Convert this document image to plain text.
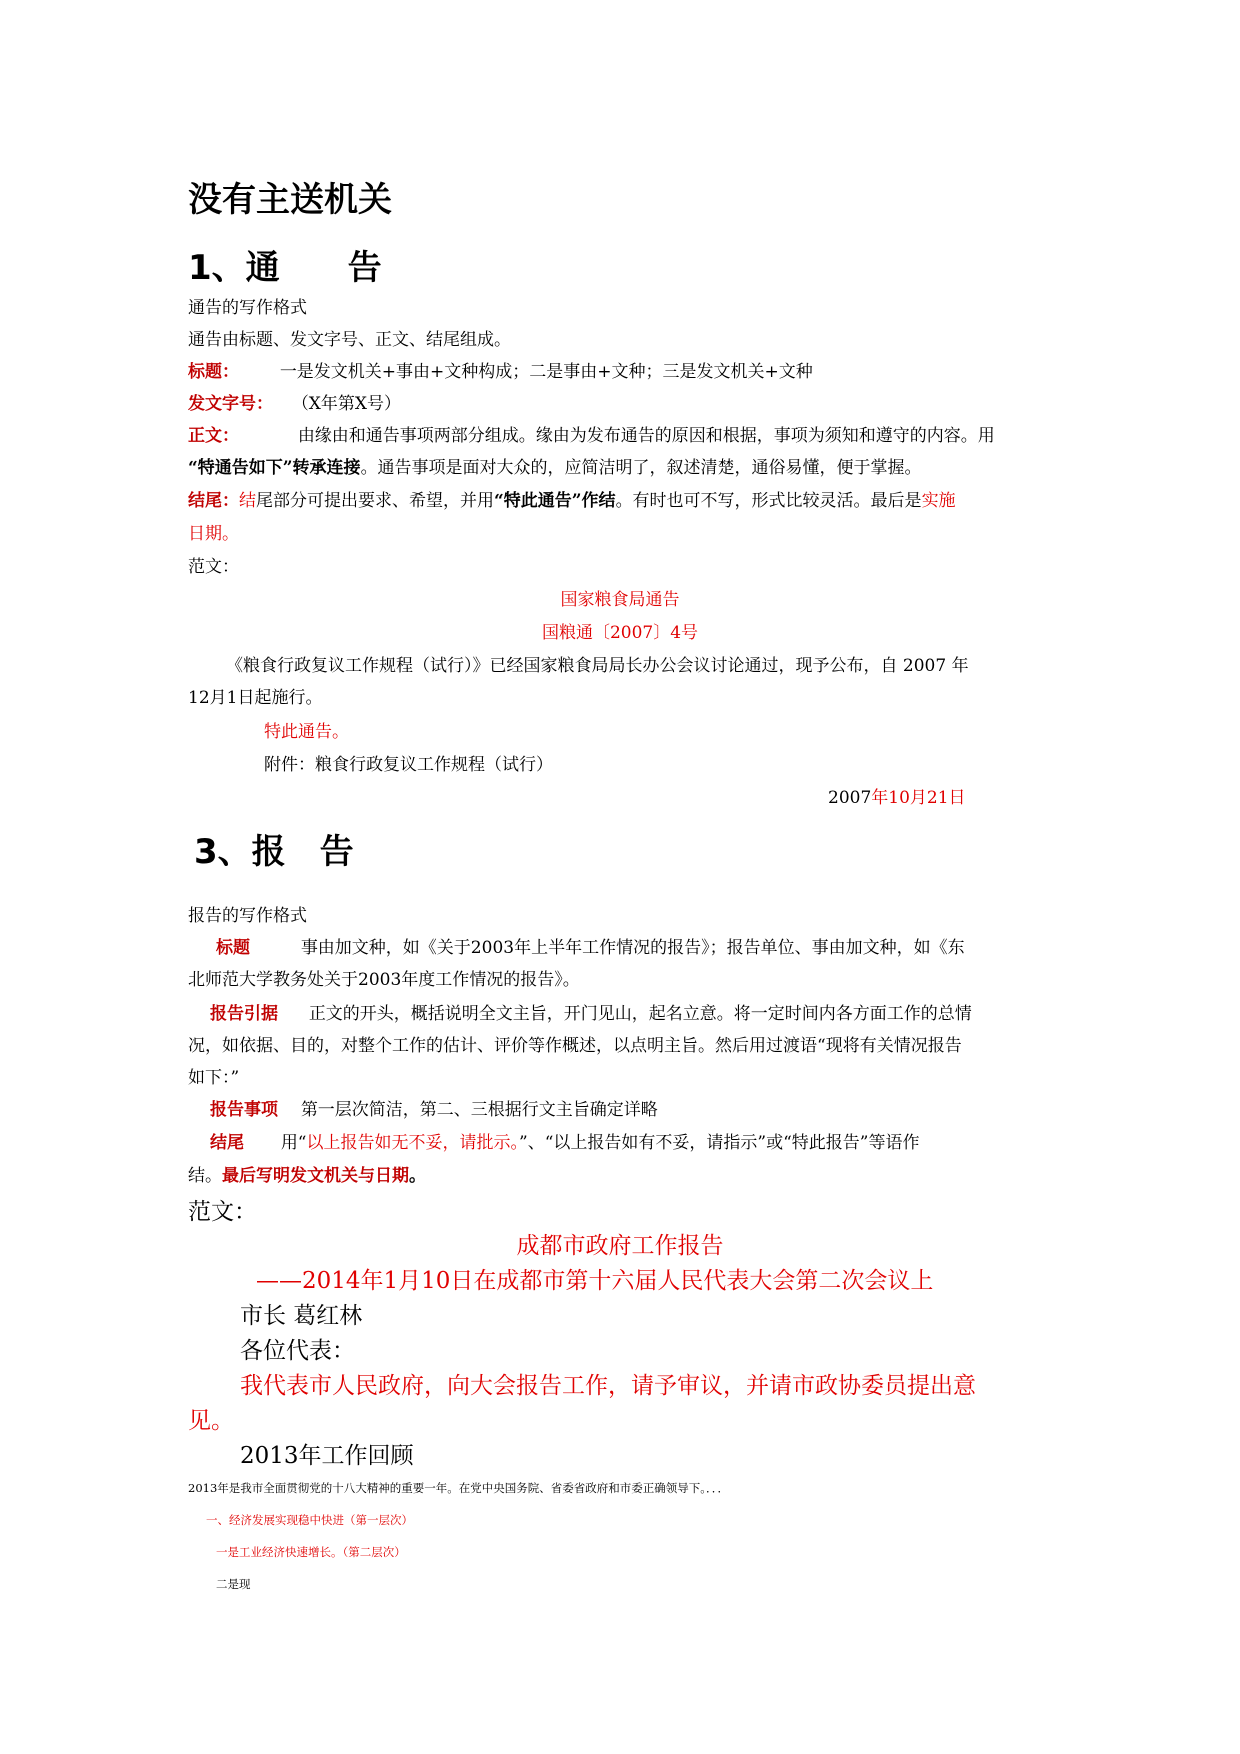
没有主送机关
1、通　　告
通告的写作格式
通告由标题、发文字号、正文、结尾组成。
标题： 一是发文机关+事由+文种构成；二是事由+文种；三是发文机关+文种
发文字号： （X年第X号）
正文：	由缘由和通告事项两部分组成。缘由为发布通告的原因和根据，事项为须知和遵守的内容。用
“特通告如下”转承连接。通告事项是面对大众的，应简洁明了，叙述清楚，通俗易懂，便于掌握。
结尾：结尾部分可提出要求、希望，并用“特此通告”作结。有时也可不写，形式比较灵活。最后是实施
日期。
范文：
国家粮食局通告
国粮通〔2007〕4号
《粮食行政复议工作规程（试行）》已经国家粮食局局长办公会议讨论通过，现予公布，自 2007 年
12月1日起施行。
特此通告。
附件：粮食行政复议工作规程（试行）
2007年10月21日
3、报　告
报告的写作格式
标题	事由加文种，如《关于2003年上半年工作情况的报告》；报告单位、事由加文种，如《东
北师范大学教务处关于2003年度工作情况的报告》。
报告引据 正文的开头，概括说明全文主旨，开门见山，起名立意。将一定时间内各方面工作的总情
况，如依据、目的，对整个工作的估计、评价等作概述，以点明主旨。然后用过渡语“现将有关情况报告
如下：”
报告事项 第一层次简洁，第二、三根据行文主旨确定详略
结尾 用“以上报告如无不妥，请批示。”、“以上报告如有不妥，请指示”或“特此报告”等语作
结。最后写明发文机关与日期。
范文：
成都市政府工作报告
——2014年1月10日在成都市第十六届人民代表大会第二次会议上
市长 葛红林
各位代表：
我代表市人民政府，向大会报告工作，请予审议，并请市政协委员提出意
见。
2013年工作回顾
2013年是我市全面贯彻党的十八大精神的重要一年。在党中央国务院、省委省政府和市委正确领导下。．．．
一、经济发展实现稳中快进（第一层次）
一是工业经济快速增长。（第二层次）
二是现
